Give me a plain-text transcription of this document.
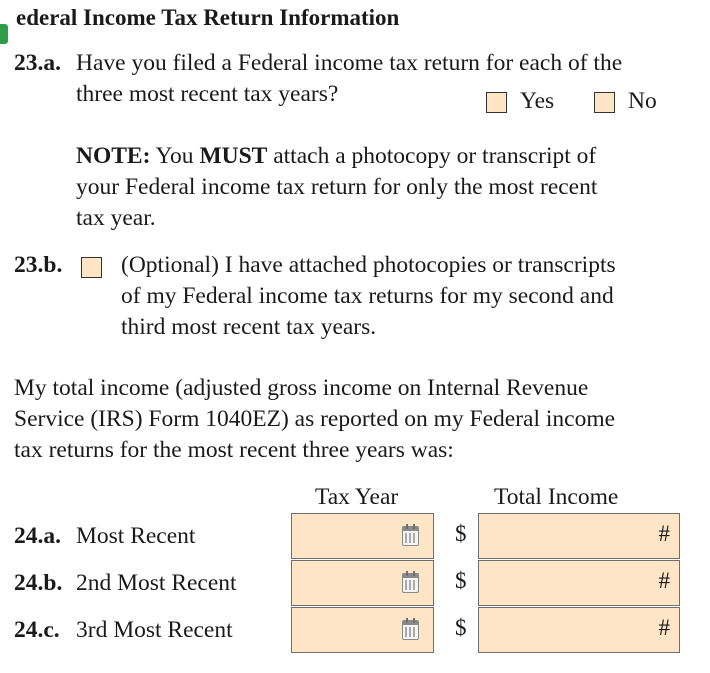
ederal Income Tax Return Information
23.a. Have you filed a Federal income tax return for each of the
three most recent tax years?	Yes	No
NOTE: You MUST attach a photocopy or transcript of
your Federal income tax return for only the most recent
tax year.
23.b. (Optional) I have attached photocopies or transcripts
of my Federal income tax returns for my second and
third most recent tax years.
My total income (adjusted gross income on Internal Revenue
Service (IRS) Form 1040EZ) as reported on my Federal income
tax returns for the most recent three years was:
Tax Year	Total Income
24.a. Most Recent	$	#
24.b. 2nd Most Recent	$	#
24.c. 3rd Most Recent	$	#
